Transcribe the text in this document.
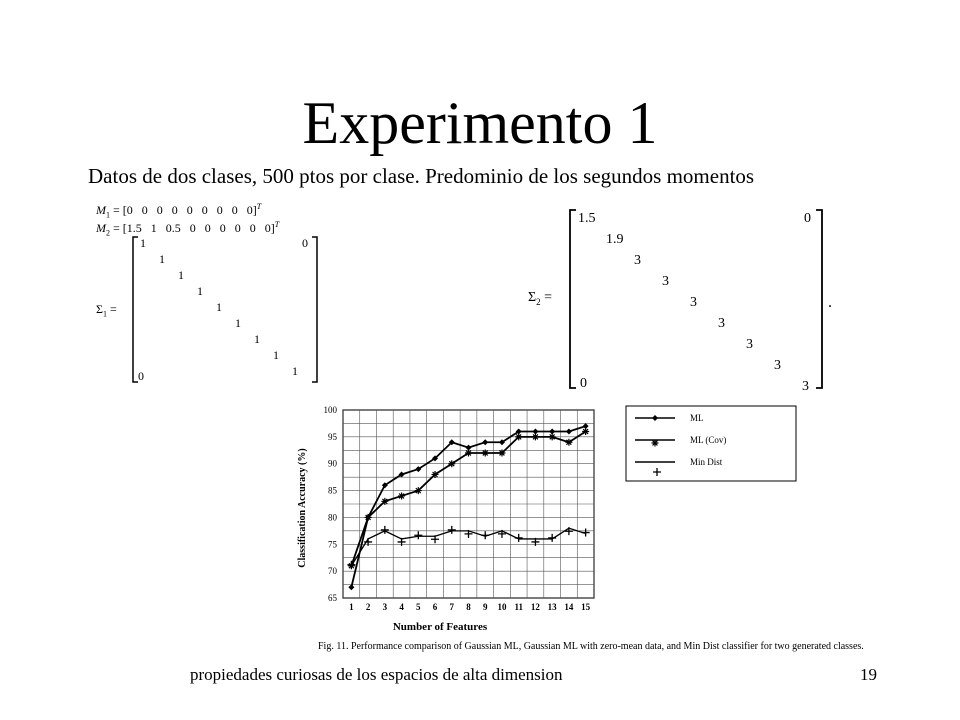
Experimento 1
Datos de dos clases, 500 ptos por clase. Predominio de los segundos momentos
$M_1 = [0$   0   0   0   0   0   0   0   0]$^T$
$M_2 = [1.5$   1   0.5   0   0   0   0   0   0]$^T$
$\Sigma_1$ =
1
1
1
1
1
1
1
1
1
0
0
$\Sigma_2$ =
1.5
1.9
3
3
3
3
3
3
3
0
0
.
65
70
75
80
85
90
95
100
1 2 3 4 5 6 7 8 9 10 11 12 13 14 15
Classification Accuracy (%)
Number of Features
ML
ML (Cov)
Min Dist
Fig. 11. Performance comparison of Gaussian ML, Gaussian ML with zero-mean data, and Min Dist classifier for two generated classes.
propiedades curiosas de los espacios de alta dimension	19
